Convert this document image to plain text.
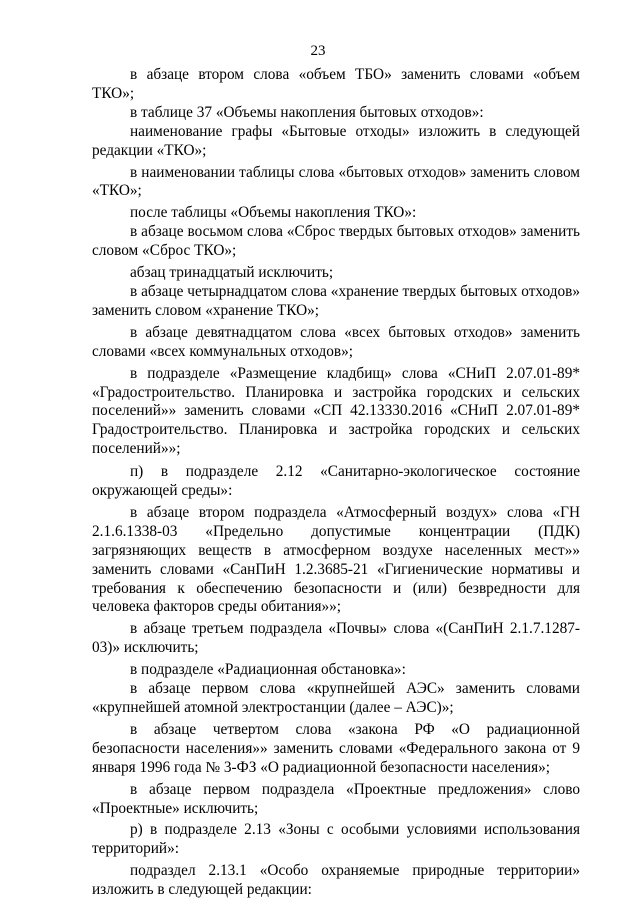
23

в абзаце втором слова «объем ТБО» заменить словами «объем ТКО»;

в таблице 37 «Объемы накопления бытовых отходов»:

наименование графы «Бытовые отходы» изложить в следующей редакции «ТКО»;

в наименовании таблицы слова «бытовых отходов» заменить словом «ТКО»;

после таблицы «Объемы накопления ТКО»:

в абзаце восьмом слова «Сброс твердых бытовых отходов» заменить словом «Сброс ТКО»;

абзац тринадцатый исключить;

в абзаце четырнадцатом слова «хранение твердых бытовых отходов» заменить словом «хранение ТКО»;

в абзаце девятнадцатом слова «всех бытовых отходов» заменить словами «всех коммунальных отходов»;

в подразделе «Размещение кладбищ» слова «СНиП 2.07.01-89* «Градостроительство. Планировка и застройка городских и сельских поселений»» заменить словами «СП 42.13330.2016 «СНиП 2.07.01-89* Градостроительство. Планировка и застройка городских и сельских поселений»»;

п) в подразделе 2.12 «Санитарно-экологическое состояние окружающей среды»:

в абзаце втором подраздела «Атмосферный воздух» слова «ГН 2.1.6.1338-03 «Предельно допустимые концентрации (ПДК) загрязняющих веществ в атмосферном воздухе населенных мест»» заменить словами «СанПиН 1.2.3685-21 «Гигиенические нормативы и требования к обеспечению безопасности и (или) безвредности для человека факторов среды обитания»»;

в абзаце третьем подраздела «Почвы» слова «(СанПиН 2.1.7.1287-03)» исключить;

в подразделе «Радиационная обстановка»:

в абзаце первом слова «крупнейшей АЭС» заменить словами «крупнейшей атомной электростанции (далее – АЭС)»;

в абзаце четвертом слова «закона РФ «О радиационной безопасности населения»» заменить словами «Федерального закона от 9 января 1996 года № 3-ФЗ «О радиационной безопасности населения»;

в абзаце первом подраздела «Проектные предложения» слово «Проектные» исключить;

р) в подразделе 2.13 «Зоны с особыми условиями использования территорий»:

подраздел 2.13.1 «Особо охраняемые природные территории» изложить в следующей редакции:
